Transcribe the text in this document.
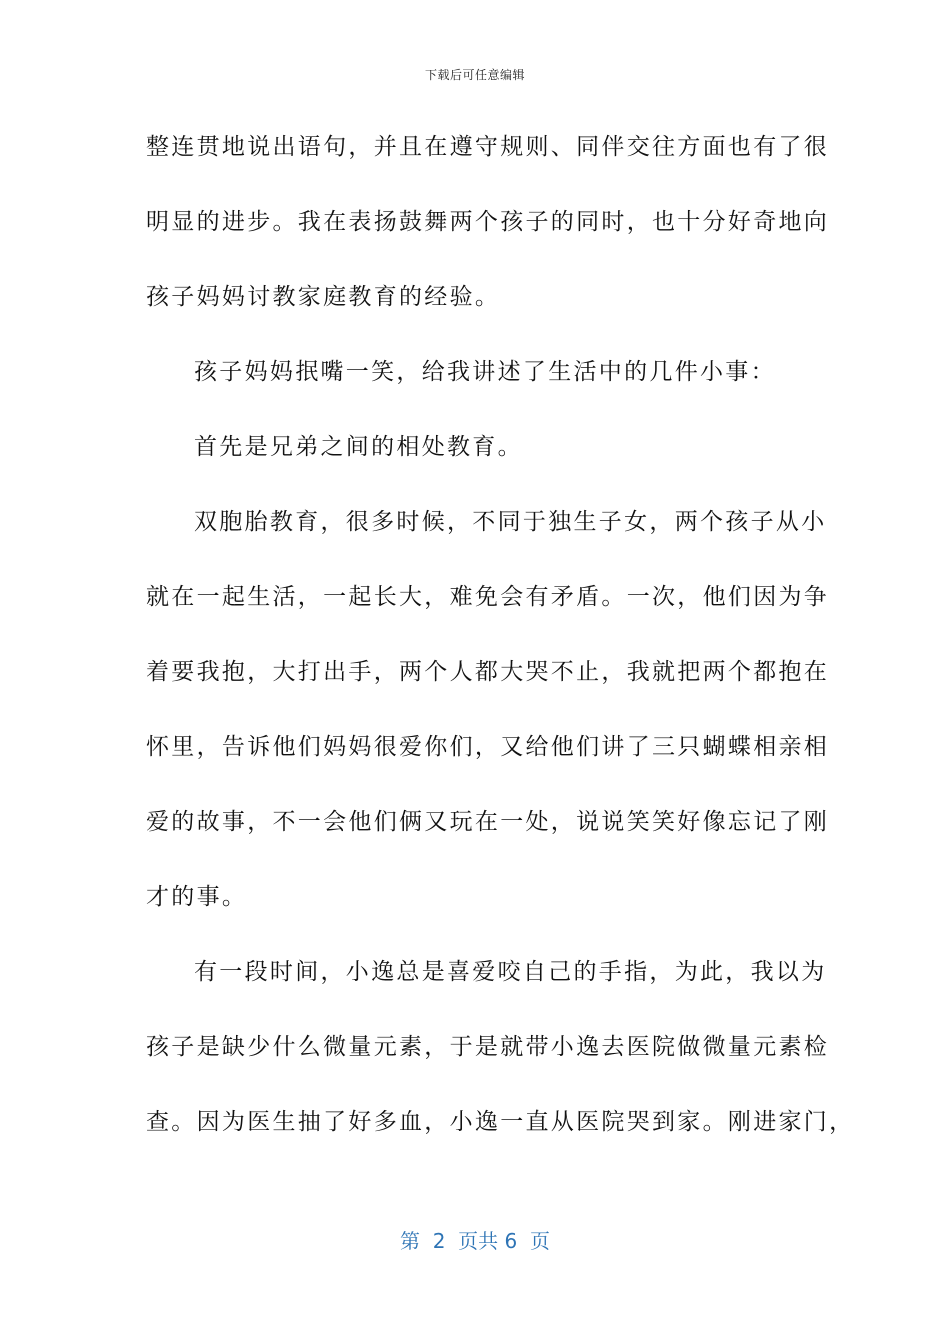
下载后可任意编辑
整连贯地说出语句，并且在遵守规则、同伴交往方面也有了很
明显的进步。我在表扬鼓舞两个孩子的同时，也十分好奇地向
孩子妈妈讨教家庭教育的经验。
孩子妈妈抿嘴一笑，给我讲述了生活中的几件小事：
首先是兄弟之间的相处教育。
双胞胎教育，很多时候，不同于独生子女，两个孩子从小
就在一起生活，一起长大，难免会有矛盾。一次，他们因为争
着要我抱，大打出手，两个人都大哭不止，我就把两个都抱在
怀里，告诉他们妈妈很爱你们，又给他们讲了三只蝴蝶相亲相
爱的故事，不一会他们俩又玩在一处，说说笑笑好像忘记了刚
才的事。
有一段时间，小逸总是喜爱咬自己的手指，为此，我以为
孩子是缺少什么微量元素，于是就带小逸去医院做微量元素检
查。因为医生抽了好多血，小逸一直从医院哭到家。刚进家门，
第  2  页共 6  页
